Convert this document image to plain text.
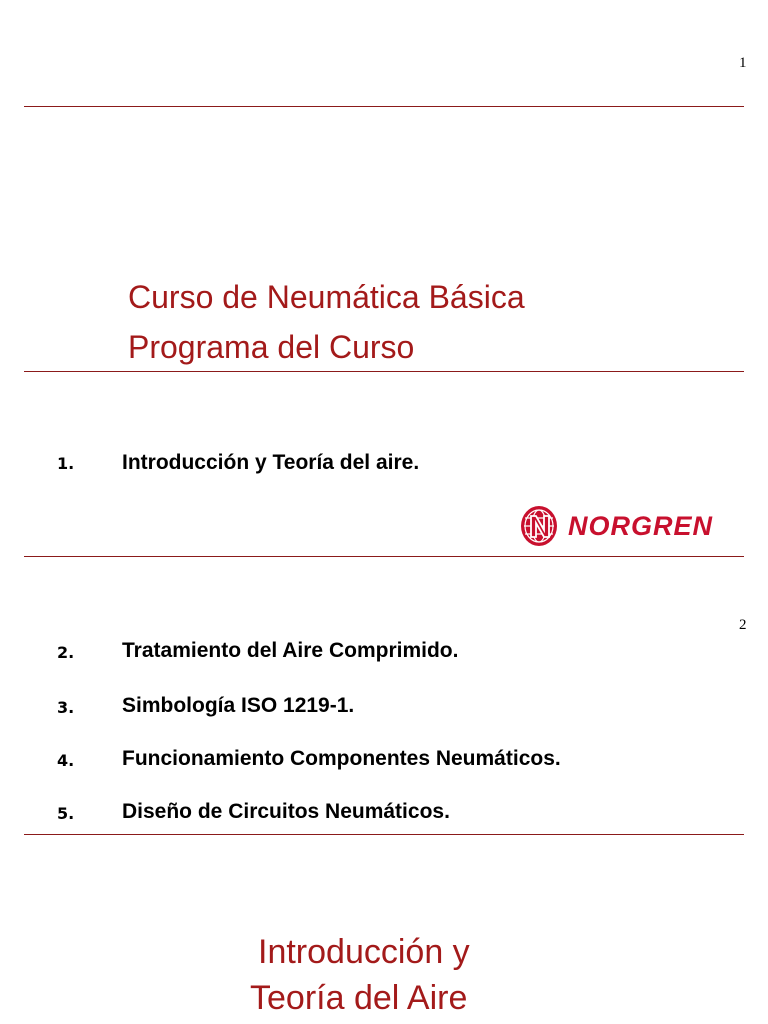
1
Curso de Neumática Básica
Programa del Curso
1. Introducción y Teoría del aire.
NORGREN
2
2. Tratamiento del Aire Comprimido.
3. Simbología ISO 1219-1.
4. Funcionamiento Componentes Neumáticos.
5. Diseño de Circuitos Neumáticos.
Introducción y
Teoría del Aire
